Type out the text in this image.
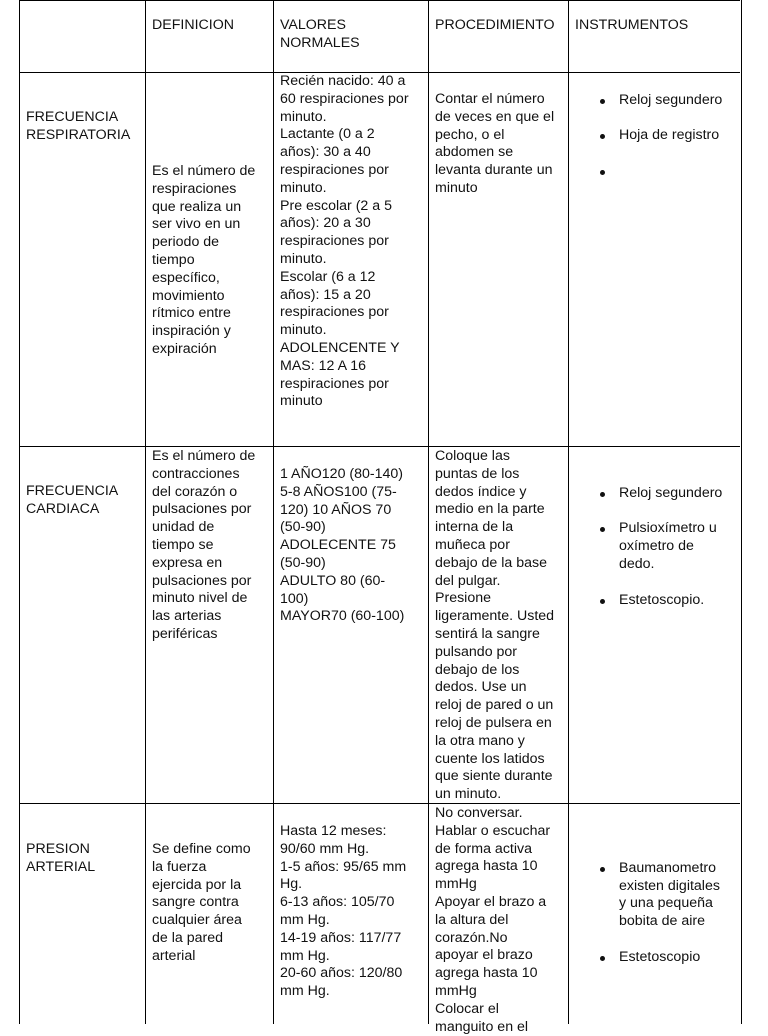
DEFINICION	VALORES
NORMALES
PROCEDIMIENTO	INSTRUMENTOS
FRECUENCIA
RESPIRATORIA
Es el número de
respiraciones
que realiza un
ser vivo en un
periodo de
tiempo
específico,
movimiento
rítmico entre
inspiración y
expiración
Recién nacido: 40 a
60 respiraciones por
minuto.
Lactante (0 a 2
años): 30 a 40
respiraciones por
minuto.
Pre escolar (2 a 5
años): 20 a 30
respiraciones por
minuto.
Escolar (6 a 12
años): 15 a 20
respiraciones por
minuto.
ADOLENCENTE Y
MAS: 12 A 16
respiraciones por
minuto
Contar el número
de veces en que el
pecho, o el
abdomen se
levanta durante un
minuto

Reloj segundero

Hoja de registro

FRECUENCIA
CARDIACA
Es el número de
contracciones
del corazón o
pulsaciones por
unidad de
tiempo se
expresa en
pulsaciones por
minuto nivel de
las arterias
periféricas
1 AÑO120 (80-140)
5-8 AÑOS100 (75-
120) 10 AÑOS 70
(50-90)
ADOLECENTE 75
(50-90)
ADULTO 80 (60-
100)
MAYOR70 (60-100)
Coloque las
puntas de los
dedos índice y
medio en la parte
interna de la
muñeca por
debajo de la base
del pulgar.
Presione
ligeramente. Usted
sentirá la sangre
pulsando por
debajo de los
dedos. Use un
reloj de pared o un
reloj de pulsera en
la otra mano y
cuente los latidos
que siente durante
un minuto.

Reloj segundero

Pulsioxímetro u
oxímetro de
dedo.

Estetoscopio.

PRESION
ARTERIAL
Se define como
la fuerza
ejercida por la
sangre contra
cualquier área
de la pared
arterial
Hasta 12 meses:
90/60 mm Hg.
1-5 años: 95/65 mm
Hg.
6-13 años: 105/70
mm Hg.
14-19 años: 117/77
mm Hg.
20-60 años: 120/80
mm Hg.
No conversar.
Hablar o escuchar
de forma activa
agrega hasta 10
mmHg
Apoyar el brazo a
la altura del
corazón.No
apoyar el brazo
agrega hasta 10
mmHg
Colocar el
manguito en el

Baumanometro
existen digitales
y una pequeña
bobita de aire

Estetoscopio
